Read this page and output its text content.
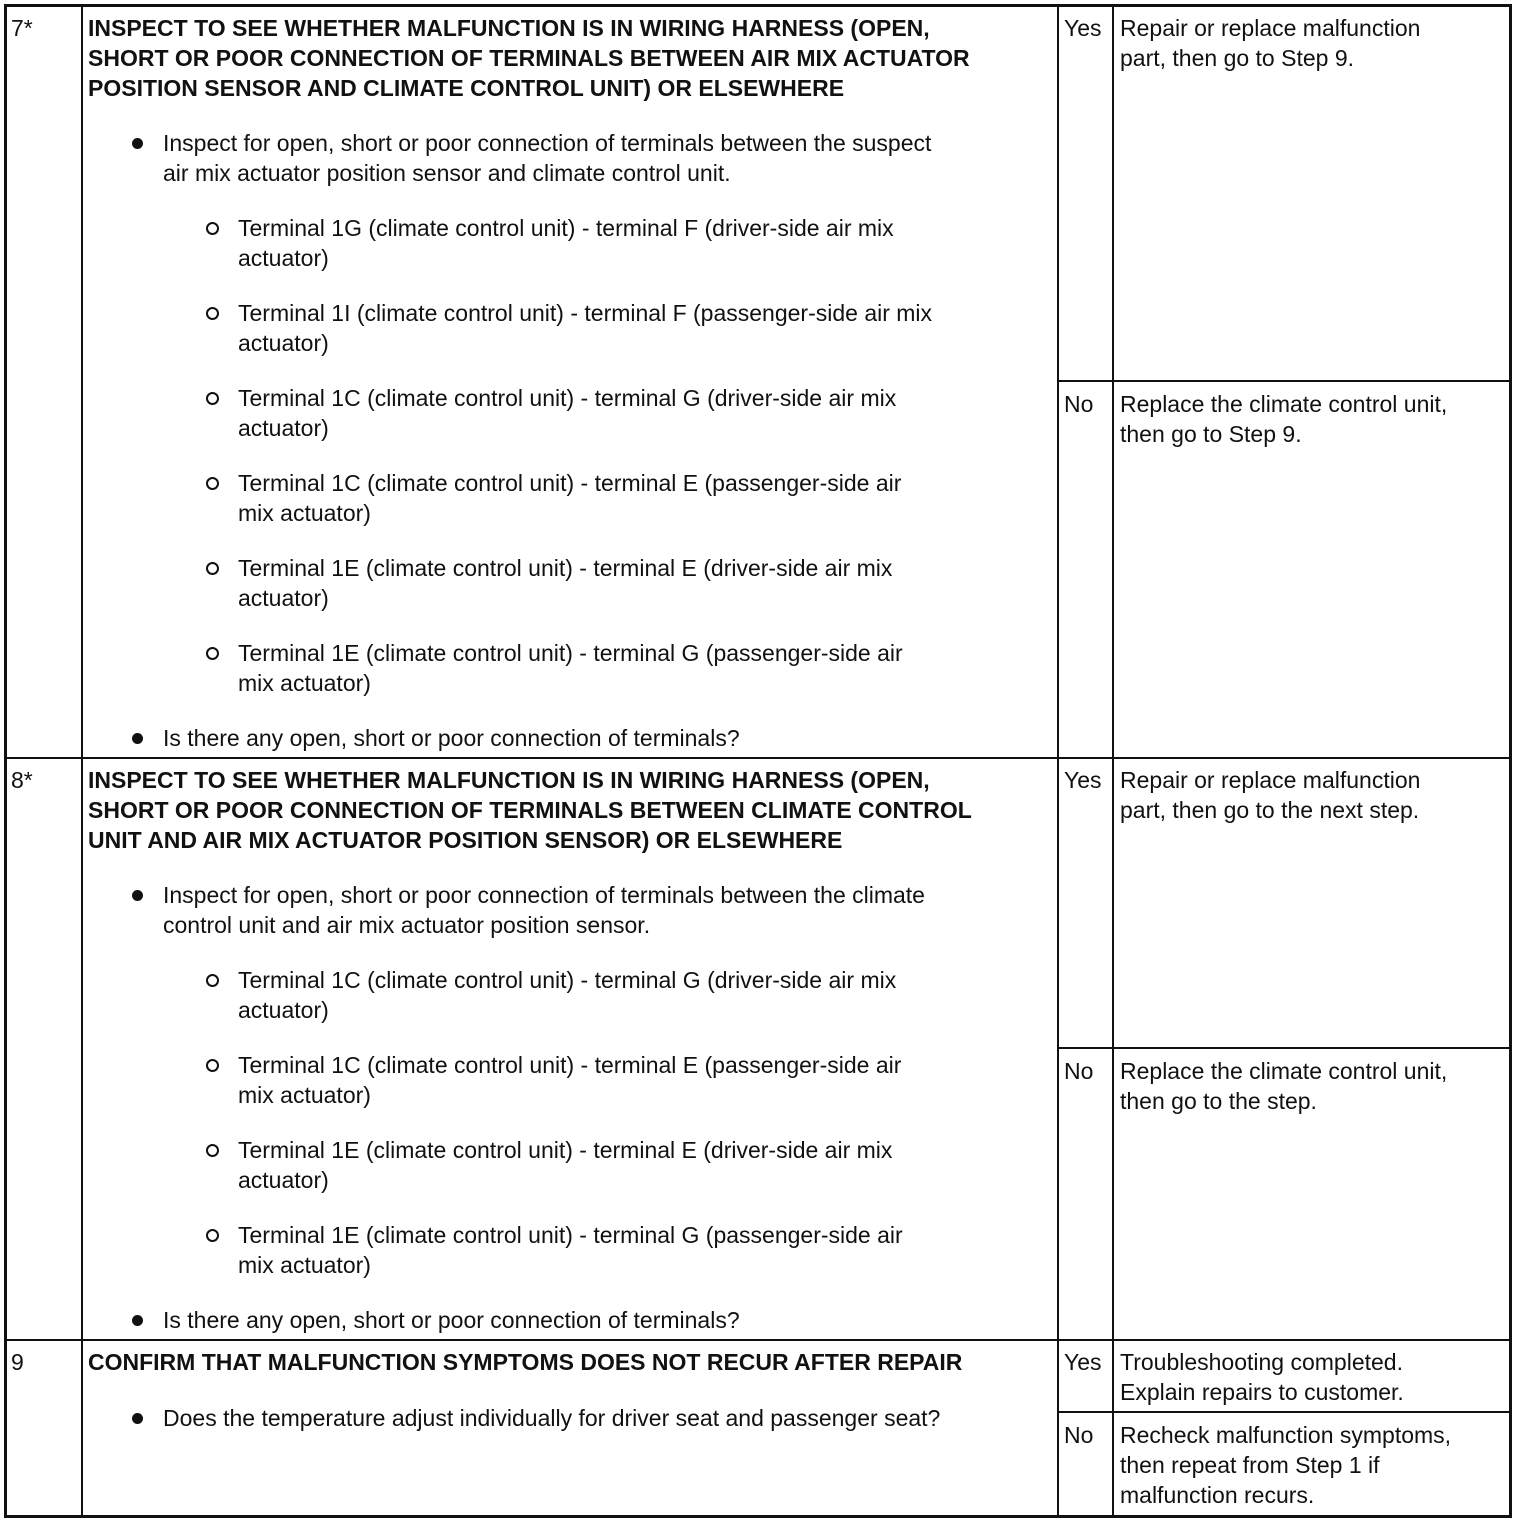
7* INSPECT TO SEE WHETHER MALFUNCTION IS IN WIRING HARNESS (OPEN,
SHORT OR POOR CONNECTION OF TERMINALS BETWEEN AIR MIX ACTUATOR
POSITION SENSOR AND CLIMATE CONTROL UNIT) OR ELSEWHERE
Inspect for open, short or poor connection of terminals between the suspect
air mix actuator position sensor and climate control unit.
Terminal 1G (climate control unit) - terminal F (driver-side air mix
actuator)
Terminal 1I (climate control unit) - terminal F (passenger-side air mix
actuator)
Terminal 1C (climate control unit) - terminal G (driver-side air mix
actuator)
Terminal 1C (climate control unit) - terminal E (passenger-side air
mix actuator)
Terminal 1E (climate control unit) - terminal E (driver-side air mix
actuator)
Terminal 1E (climate control unit) - terminal G (passenger-side air
mix actuator)
Is there any open, short or poor connection of terminals?
Yes Repair or replace malfunction
part, then go to Step 9.
No Replace the climate control unit,
then go to Step 9.
8* INSPECT TO SEE WHETHER MALFUNCTION IS IN WIRING HARNESS (OPEN,
SHORT OR POOR CONNECTION OF TERMINALS BETWEEN CLIMATE CONTROL
UNIT AND AIR MIX ACTUATOR POSITION SENSOR) OR ELSEWHERE
Inspect for open, short or poor connection of terminals between the climate
control unit and air mix actuator position sensor.
Terminal 1C (climate control unit) - terminal G (driver-side air mix
actuator)
Terminal 1C (climate control unit) - terminal E (passenger-side air
mix actuator)
Terminal 1E (climate control unit) - terminal E (driver-side air mix
actuator)
Terminal 1E (climate control unit) - terminal G (passenger-side air
mix actuator)
Is there any open, short or poor connection of terminals?
Yes Repair or replace malfunction
part, then go to the next step.
No Replace the climate control unit,
then go to the step.
9	CONFIRM THAT MALFUNCTION SYMPTOMS DOES NOT RECUR AFTER REPAIR
Does the temperature adjust individually for driver seat and passenger seat?
Yes Troubleshooting completed.
Explain repairs to customer.
No Recheck malfunction symptoms,
then repeat from Step 1 if
malfunction recurs.
